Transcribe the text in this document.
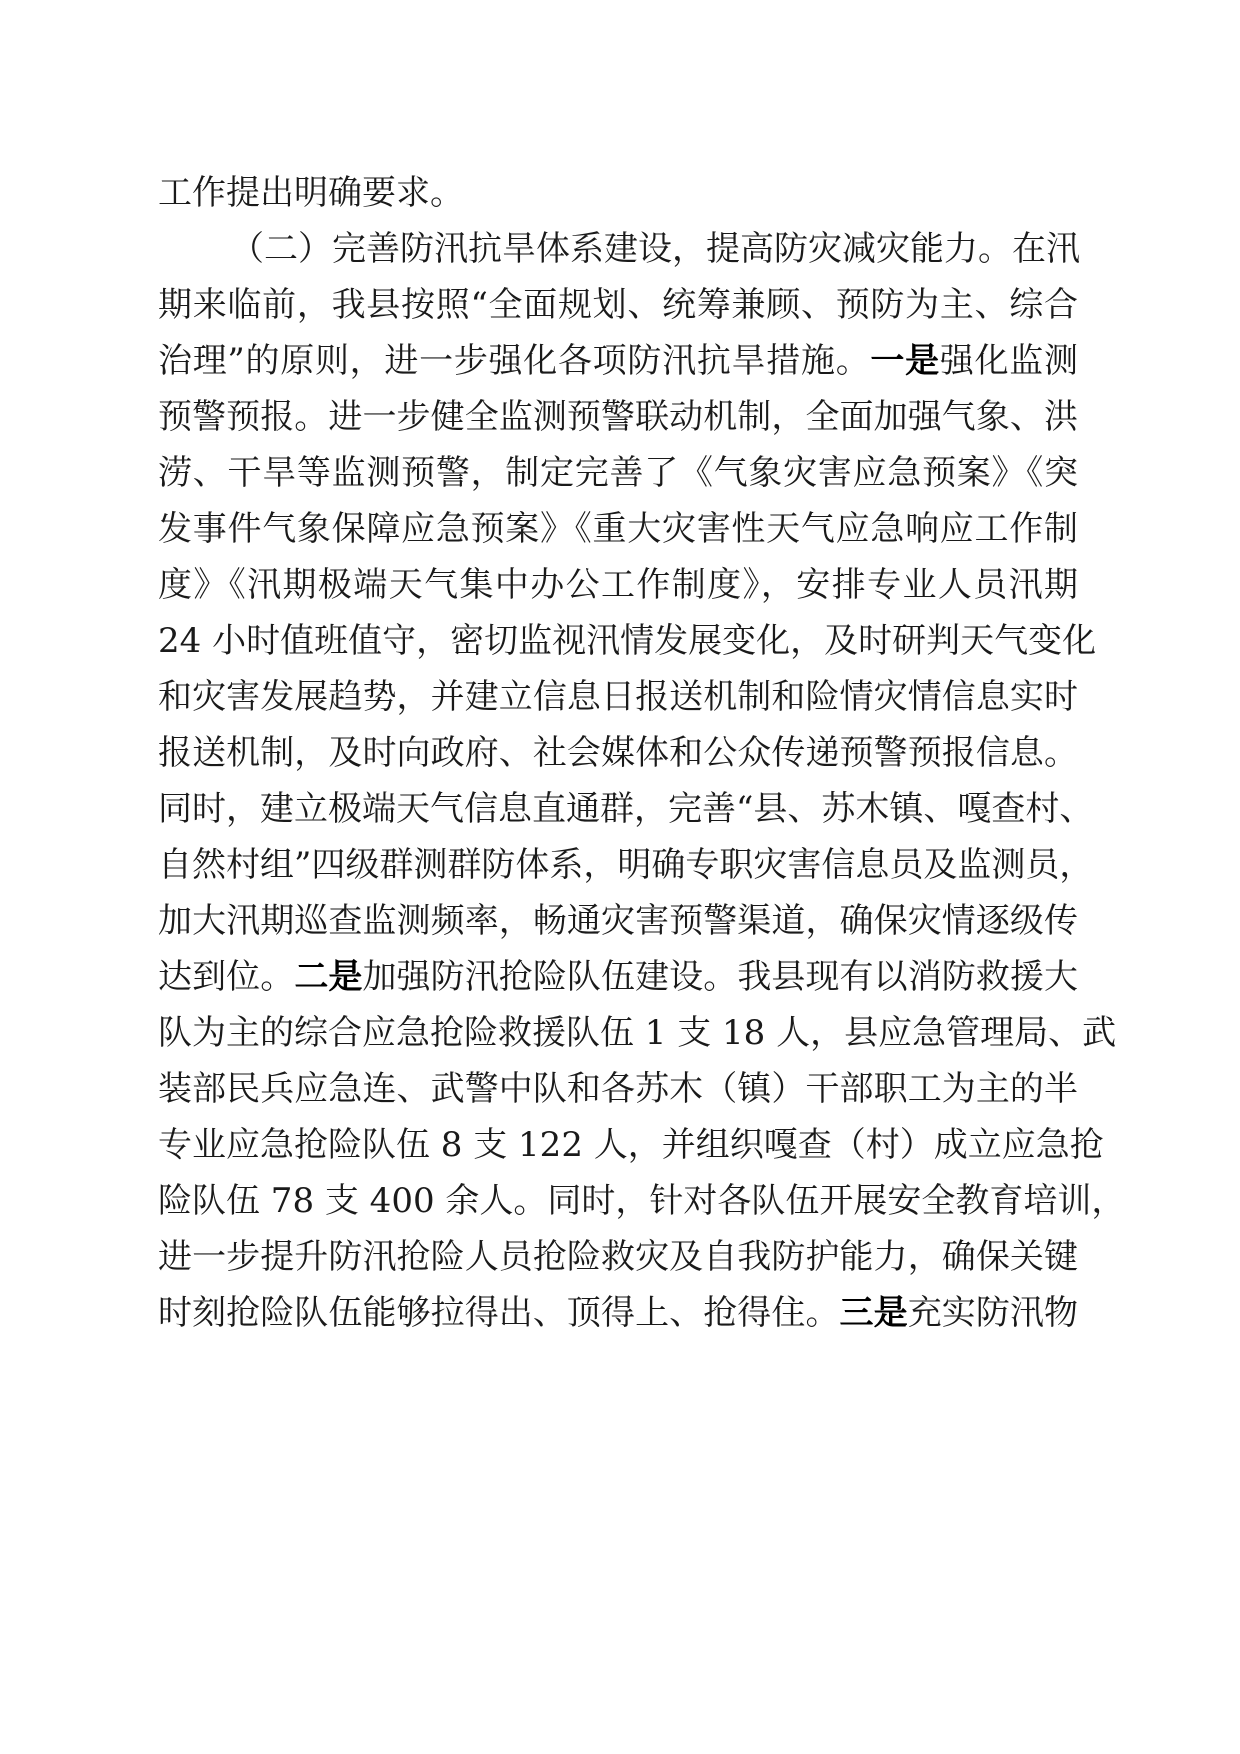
工作提出明确要求。
（二）完善防汛抗旱体系建设，提高防灾减灾能力。在汛
期来临前，我县按照“全面规划、统筹兼顾、预防为主、综合
治理”的原则，进一步强化各项防汛抗旱措施。一是强化监测
预警预报。进一步健全监测预警联动机制，全面加强气象、洪
涝、干旱等监测预警，制定完善了《气象灾害应急预案》《突
发事件气象保障应急预案》《重大灾害性天气应急响应工作制
度》《汛期极端天气集中办公工作制度》，安排专业人员汛期
24 小时值班值守，密切监视汛情发展变化，及时研判天气变化
和灾害发展趋势，并建立信息日报送机制和险情灾情信息实时
报送机制，及时向政府、社会媒体和公众传递预警预报信息。
同时，建立极端天气信息直通群，完善“县、苏木镇、嘎查村、
自然村组”四级群测群防体系，明确专职灾害信息员及监测员，
加大汛期巡查监测频率，畅通灾害预警渠道，确保灾情逐级传
达到位。二是加强防汛抢险队伍建设。我县现有以消防救援大
队为主的综合应急抢险救援队伍 1 支 18 人，县应急管理局、武
装部民兵应急连、武警中队和各苏木（镇）干部职工为主的半
专业应急抢险队伍 8 支 122 人，并组织嘎查（村）成立应急抢
险队伍 78 支 400 余人。同时，针对各队伍开展安全教育培训，
进一步提升防汛抢险人员抢险救灾及自我防护能力，确保关键
时刻抢险队伍能够拉得出、顶得上、抢得住。三是充实防汛物
